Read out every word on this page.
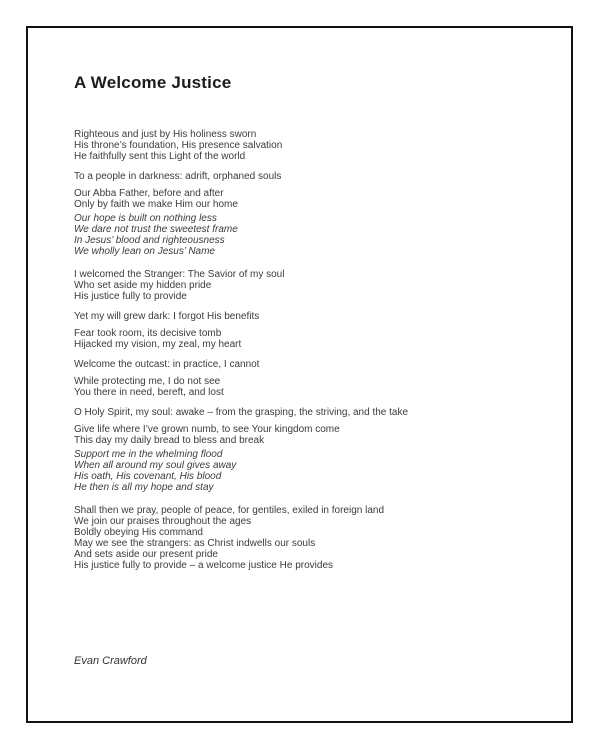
A Welcome Justice

Righteous and just by His holiness sworn
His throne’s foundation, His presence salvation
He faithfully sent this Light of the world

To a people in darkness: adrift, orphaned souls

Our Abba Father, before and after
Only by faith we make Him our home

Our hope is built on nothing less
We dare not trust the sweetest frame
In Jesus’ blood and righteousness
We wholly lean on Jesus’ Name

I welcomed the Stranger: The Savior of my soul
Who set aside my hidden pride
His justice fully to provide

Yet my will grew dark: I forgot His benefits

Fear took room, its decisive tomb
Hijacked my vision, my zeal, my heart

Welcome the outcast: in practice, I cannot

While protecting me, I do not see
You there in need, bereft, and lost

O Holy Spirit, my soul: awake – from the grasping, the striving, and the take

Give life where I’ve grown numb, to see Your kingdom come
This day my daily bread to bless and break

Support me in the whelming flood
When all around my soul gives away
His oath, His covenant, His blood
He then is all my hope and stay

Shall then we pray, people of peace, for gentiles, exiled in foreign land
We join our praises throughout the ages
Boldly obeying His command
May we see the strangers: as Christ indwells our souls
And sets aside our present pride
His justice fully to provide – a welcome justice He provides

Evan Crawford
